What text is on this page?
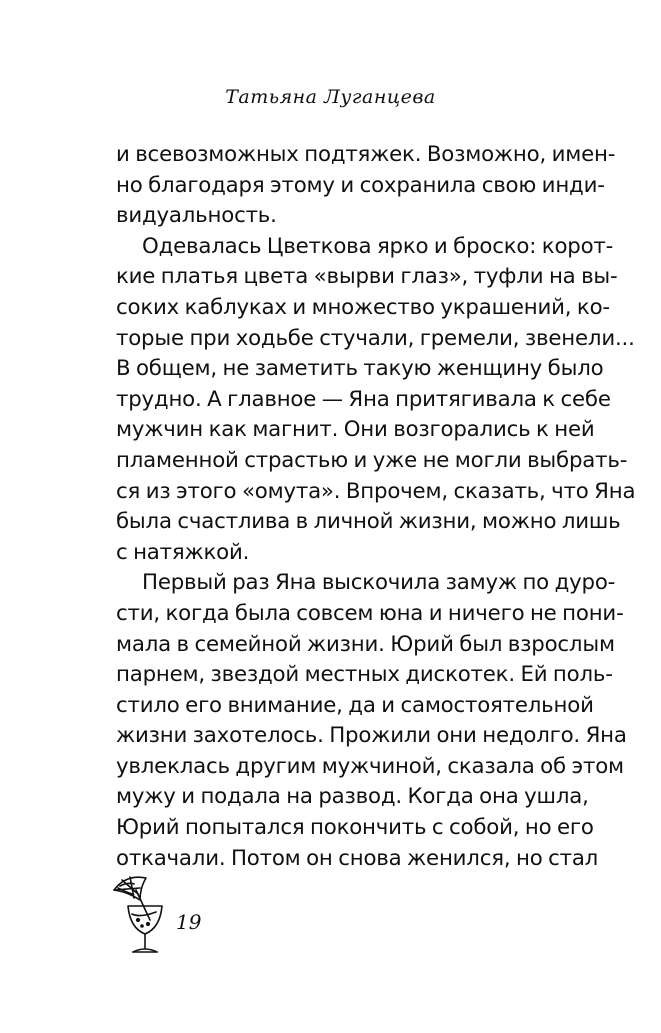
Татьяна Луганцева
и всевозможных подтяжек. Возможно, имен-
но благодаря этому и сохранила свою инди-
видуальность.
Одевалась Цветкова ярко и броско: корот-
кие платья цвета «вырви глаз», туфли на вы-
соких каблуках и множество украшений, ко-
торые при ходьбе стучали, гремели, звенели...
В общем, не заметить такую женщину было
трудно. А главное — Яна притягивала к себе
мужчин как магнит. Они возгорались к ней
пламенной страстью и уже не могли выбрать-
ся из этого «омута». Впрочем, сказать, что Яна
была счастлива в личной жизни, можно лишь
с натяжкой.
Первый раз Яна выскочила замуж по дуро-
сти, когда была совсем юна и ничего не пони-
мала в семейной жизни. Юрий был взрослым
парнем, звездой местных дискотек. Ей поль-
стило его внимание, да и самостоятельной
жизни захотелось. Прожили они недолго. Яна
увлеклась другим мужчиной, сказала об этом
мужу и подала на развод. Когда она ушла,
Юрий попытался покончить с собой, но его
откачали. Потом он снова женился, но стал
19
